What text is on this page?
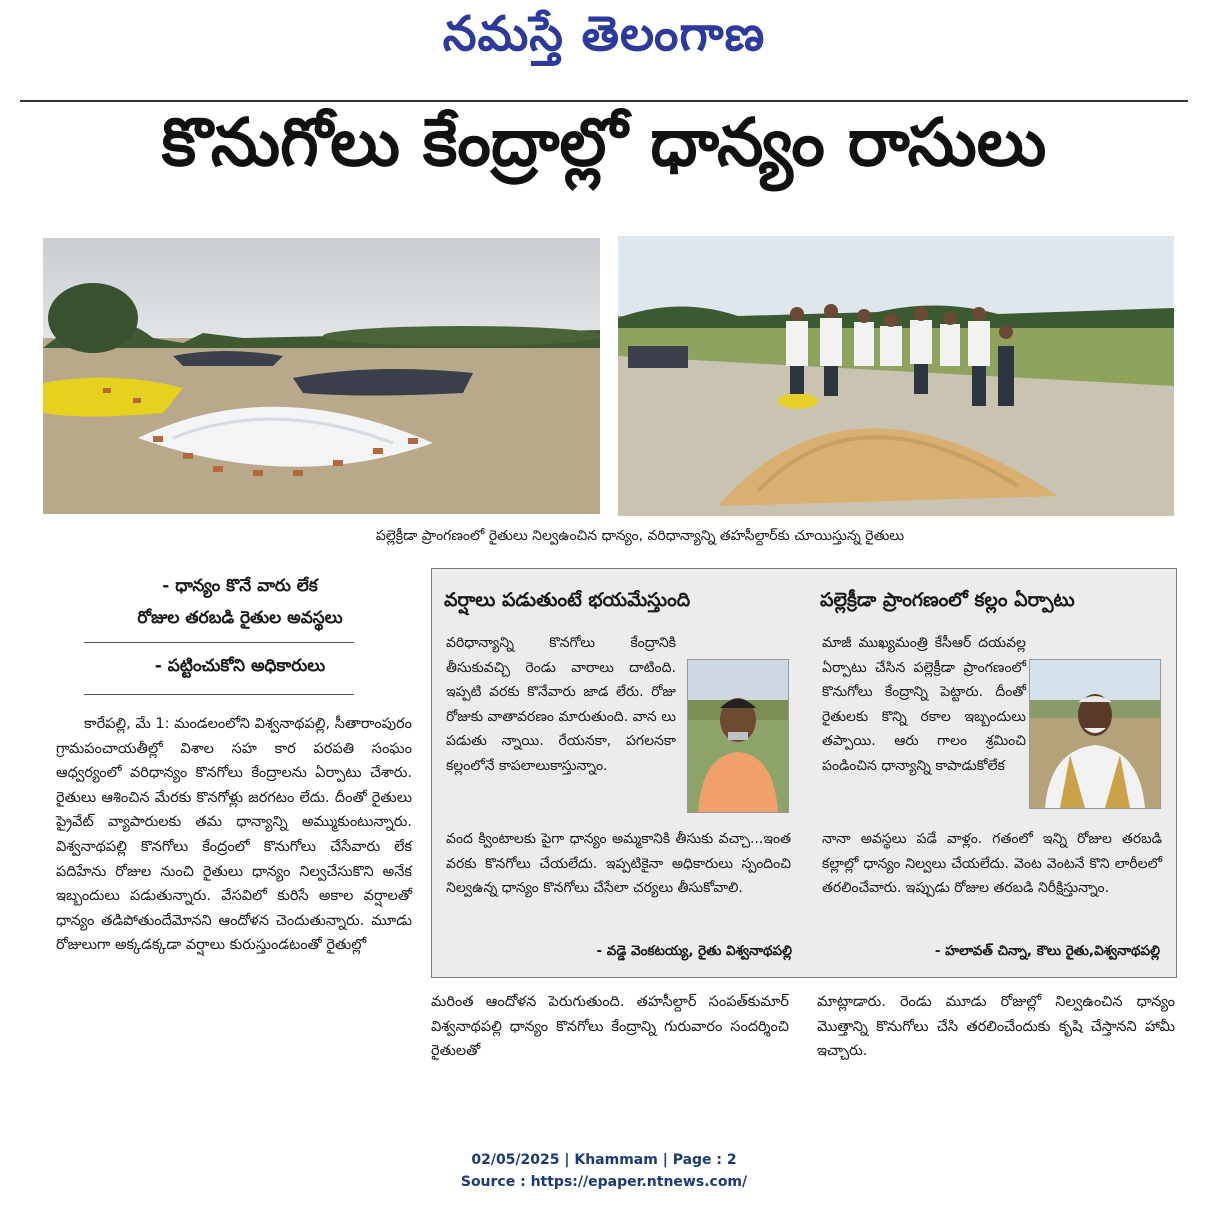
నమస్తే తెలంగాణ
కొనుగోలు కేంద్రాల్లో ధాన్యం రాసులు
పల్లెక్రీడా ప్రాంగణంలో రైతులు నిల్వఉంచిన ధాన్యం, వరిధాన్యాన్ని తహసీల్దార్‌కు చూయిస్తున్న రైతులు
- ధాన్యం కొనే వారు లేక
రోజుల తరబడి రైతుల అవస్థలు
- పట్టించుకోని అధికారులు

కారేపల్లి, మే 1: మండలంలోని విశ్వనాథపల్లి, సీతారాంపురం గ్రామపంచాయతీల్లో విశాల సహ కార పరపతి సంఘం ఆధ్వర్యంలో వరిధాన్యం కొనగోలు కేంద్రాలను ఏర్పాటు చేశారు. రైతులు ఆశించిన మేరకు కొనగోళ్లు జరగటం లేదు. దీంతో రైతులు ప్రైవేట్ వ్యాపారులకు తమ ధాన్యాన్ని అమ్ముకుంటున్నారు. విశ్వనాథపల్లి కొనగోలు కేంద్రంలో కొనుగోలు చేసేవారు లేక పదిహేను రోజుల నుంచి రైతులు ధాన్యం నిల్వచేసుకొని అనేక ఇబ్బందులు పడుతున్నారు. వేసవిలో కురిసే అకాల వర్షాలతో ధాన్యం తడిపోతుందేమోనని ఆందోళన చెందుతున్నారు. మూడు రోజులుగా అక్కడక్కడా వర్షాలు కురుస్తుండటంతో రైతుల్లో

వర్షాలు పడుతుంటే భయమేస్తుంది

వరిధాన్యాన్ని కొనగోలు కేంద్రానికి తీసుకువచ్చి రెండు వారాలు దాటింది. ఇప్పటి వరకు కొనేవారు జాడ లేరు. రోజు రోజుకు వాతావరణం మారుతుంది. వాన లు పడుతు న్నాయి. రేయనకా, పగలనకా కల్లంలోనే కాపలాలుకాస్తున్నాం.

వంద క్వింటాలకు పైగా ధాన్యం అమ్మకానికి తీసుకు వచ్చా...ఇంత వరకు కొనగోలు చేయలేదు. ఇప్పటికైనా అధికారులు స్పందించి నిల్వఉన్న ధాన్యం కొనగోలు చేసేలా చర్యలు తీసుకోవాలి.

- వడ్డె వెంకటయ్య, రైతు విశ్వనాథపల్లి
పల్లెక్రీడా ప్రాంగణంలో కల్లం ఏర్పాటు

మాజీ ముఖ్యమంత్రి కేసీఆర్ దయవల్ల ఏర్పాటు చేసిన పల్లెక్రీడా ప్రాంగణంలో కొనుగోలు కేంద్రాన్ని పెట్టారు. దీంతో రైతులకు కొన్ని రకాల ఇబ్బందులు తప్పాయి. ఆరు గాలం శ్రమించి పండించిన ధాన్యాన్ని కాపాడుకోలేక

నానా అవస్థలు పడే వాళ్లం. గతంలో ఇన్ని రోజుల తరబడి కల్లాల్లో ధాన్యం నిల్వలు చేయలేదు. వెంట వెంటనే కొని లారీలలో తరలించేవారు. ఇప్పుడు రోజుల తరబడి నిరీక్షిస్తున్నాం.

- హలావత్ చిన్నా, కౌలు రైతు,విశ్వనాథపల్లి

మరింత ఆందోళన పెరుగుతుంది. తహసీల్దార్ సంపత్‌కుమార్ విశ్వనాథపల్లి ధాన్యం కొనగోలు కేంద్రాన్ని గురువారం సందర్శించి రైతులతో

మాట్లాడారు. రెండు మూడు రోజుల్లో నిల్వఉంచిన ధాన్యం మొత్తాన్ని కొనుగోలు చేసి తరలించేందుకు కృషి చేస్తానని హామీ ఇచ్చారు.

02/05/2025 | Khammam | Page : 2
Source : https://epaper.ntnews.com/
